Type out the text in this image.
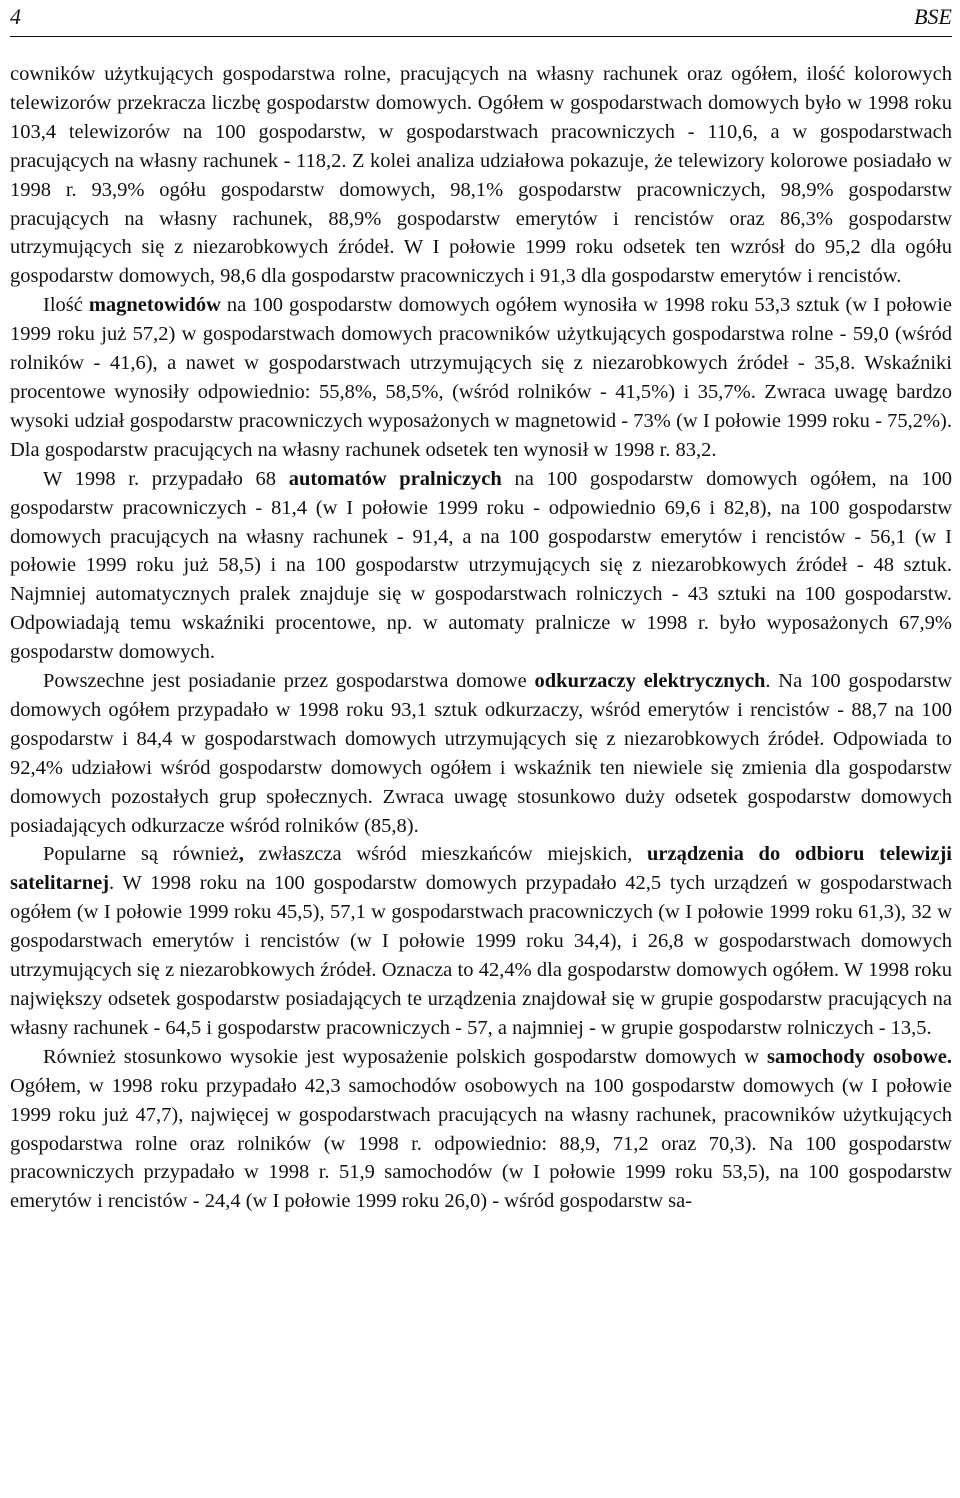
4	BSE

cowników użytkujących gospodarstwa rolne, pracujących na własny rachunek oraz ogółem, ilość kolorowych telewizorów przekracza liczbę gospodarstw domowych. Ogółem w gospodarstwach domowych było w 1998 roku 103,4 telewizorów na 100 gospodarstw, w gospodarstwach pracowniczych - 110,6, a w gospodarstwach pracujących na własny rachunek - 118,2. Z kolei analiza udziałowa pokazuje, że telewizory kolorowe posiadało w 1998 r. 93,9% ogółu gospodarstw domowych, 98,1% gospodarstw pracowniczych, 98,9% gospodarstw pracujących na własny rachunek, 88,9% gospodarstw emerytów i rencistów oraz 86,3% gospodarstw utrzymujących się z niezarobkowych źródeł. W I połowie 1999 roku odsetek ten wzrósł do 95,2 dla ogółu gospodarstw domowych, 98,6 dla gospodarstw pracowniczych i 91,3 dla gospodarstw emerytów i rencistów.

Ilość magnetowidów na 100 gospodarstw domowych ogółem wynosiła w 1998 roku 53,3 sztuk (w I połowie 1999 roku już 57,2) w gospodarstwach domowych pracowników użytkujących gospodarstwa rolne - 59,0 (wśród rolników - 41,6), a nawet w gospodarstwach utrzymujących się z niezarobkowych źródeł - 35,8. Wskaźniki procentowe wynosiły odpowiednio: 55,8%, 58,5%, (wśród rolników - 41,5%) i 35,7%. Zwraca uwagę bardzo wysoki udział gospodarstw pracowniczych wyposażonych w magnetowid - 73% (w I połowie 1999 roku - 75,2%). Dla gospodarstw pracujących na własny rachunek odsetek ten wynosił w 1998 r. 83,2.

W 1998 r. przypadało 68 automatów pralniczych na 100 gospodarstw domowych ogółem, na 100 gospodarstw pracowniczych - 81,4 (w I połowie 1999 roku - odpowiednio 69,6 i 82,8), na 100 gospodarstw domowych pracujących na własny rachunek - 91,4, a na 100 gospodarstw emerytów i rencistów - 56,1 (w I połowie 1999 roku już 58,5) i na 100 gospodarstw utrzymujących się z niezarobkowych źródeł - 48 sztuk. Najmniej automatycznych pralek znajduje się w gospodarstwach rolniczych - 43 sztuki na 100 gospodarstw. Odpowiadają temu wskaźniki procentowe, np. w automaty pralnicze w 1998 r. było wyposażonych 67,9% gospodarstw domowych.

Powszechne jest posiadanie przez gospodarstwa domowe odkurzaczy elektrycznych. Na 100 gospodarstw domowych ogółem przypadało w 1998 roku 93,1 sztuk odkurzaczy, wśród emerytów i rencistów - 88,7 na 100 gospodarstw i 84,4 w gospodarstwach domowych utrzymujących się z niezarobkowych źródeł. Odpowiada to 92,4% udziałowi wśród gospodarstw domowych ogółem i wskaźnik ten niewiele się zmienia dla gospodarstw domowych pozostałych grup społecznych. Zwraca uwagę stosunkowo duży odsetek gospodarstw domowych posiadających odkurzacze wśród rolników (85,8).

Popularne są również, zwłaszcza wśród mieszkańców miejskich, urządzenia do odbioru telewizji satelitarnej. W 1998 roku na 100 gospodarstw domowych przypadało 42,5 tych urządzeń w gospodarstwach ogółem (w I połowie 1999 roku 45,5), 57,1 w gospodarstwach pracowniczych (w I połowie 1999 roku 61,3), 32 w gospodarstwach emerytów i rencistów (w I połowie 1999 roku 34,4), i 26,8 w gospodarstwach domowych utrzymujących się z niezarobkowych źródeł. Oznacza to 42,4% dla gospodarstw domowych ogółem. W 1998 roku największy odsetek gospodarstw posiadających te urządzenia znajdował się w grupie gospodarstw pracujących na własny rachunek - 64,5 i gospodarstw pracowniczych - 57, a najmniej - w grupie gospodarstw rolniczych - 13,5.

Również stosunkowo wysokie jest wyposażenie polskich gospodarstw domowych w samochody osobowe. Ogółem, w 1998 roku przypadało 42,3 samochodów osobowych na 100 gospodarstw domowych (w I połowie 1999 roku już 47,7), najwięcej w gospodarstwach pracujących na własny rachunek, pracowników użytkujących gospodarstwa rolne oraz rolników (w 1998 r. odpowiednio: 88,9, 71,2 oraz 70,3). Na 100 gospodarstw pracowniczych przypadało w 1998 r. 51,9 samochodów (w I połowie 1999 roku 53,5), na 100 gospodarstw emerytów i rencistów - 24,4 (w I połowie 1999 roku 26,0) - wśród gospodarstw sa-
